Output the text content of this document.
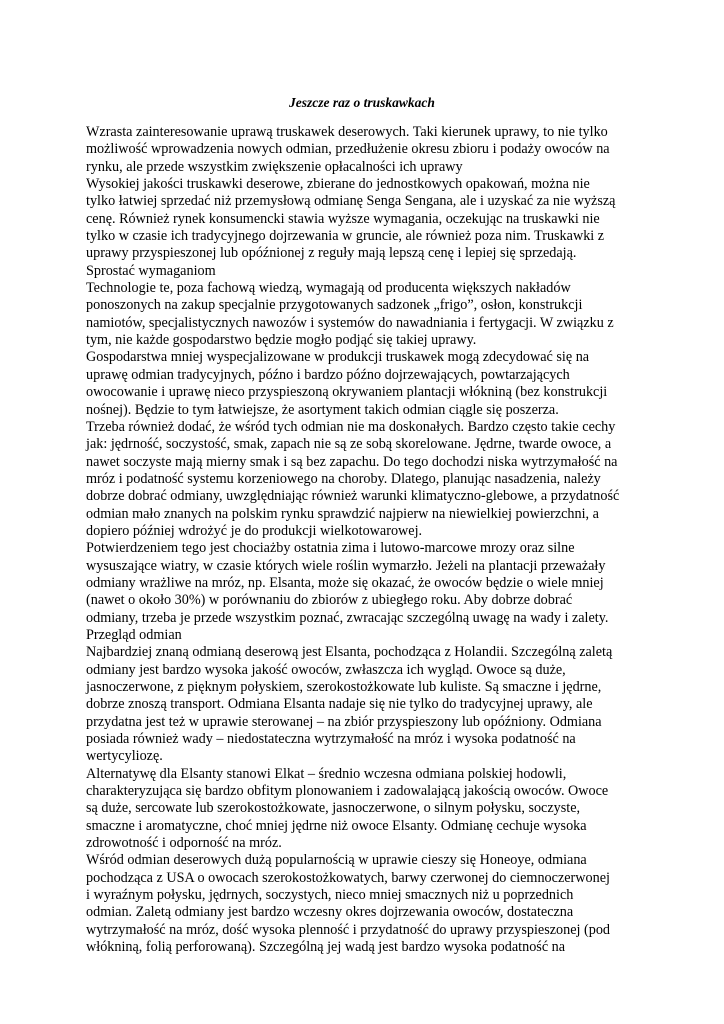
Jeszcze raz o truskawkach
Wzrasta zainteresowanie uprawą truskawek deserowych. Taki kierunek uprawy, to nie tylko
możliwość wprowadzenia nowych odmian, przedłużenie okresu zbioru i podaży owoców na
rynku, ale przede wszystkim zwiększenie opłacalności ich uprawy
Wysokiej jakości truskawki deserowe, zbierane do jednostkowych opakowań, można nie
tylko łatwiej sprzedać niż przemysłową odmianę Senga Sengana, ale i uzyskać za nie wyższą
cenę. Również rynek konsumencki stawia wyższe wymagania, oczekując na truskawki nie
tylko w czasie ich tradycyjnego dojrzewania w gruncie, ale również poza nim. Truskawki z
uprawy przyspieszonej lub opóźnionej z reguły mają lepszą cenę i lepiej się sprzedają.
Sprostać wymaganiom
Technologie te, poza fachową wiedzą, wymagają od producenta większych nakładów
ponoszonych na zakup specjalnie przygotowanych sadzonek „frigo”, osłon, konstrukcji
namiotów, specjalistycznych nawozów i systemów do nawadniania i fertygacji. W związku z
tym, nie każde gospodarstwo będzie mogło podjąć się takiej uprawy.
Gospodarstwa mniej wyspecjalizowane w produkcji truskawek mogą zdecydować się na
uprawę odmian tradycyjnych, późno i bardzo późno dojrzewających, powtarzających
owocowanie i uprawę nieco przyspieszoną okrywaniem plantacji włókniną (bez konstrukcji
nośnej). Będzie to tym łatwiejsze, że asortyment takich odmian ciągle się poszerza.
Trzeba również dodać, że wśród tych odmian nie ma doskonałych. Bardzo często takie cechy
jak: jędrność, soczystość, smak, zapach nie są ze sobą skorelowane. Jędrne, twarde owoce, a
nawet soczyste mają mierny smak i są bez zapachu. Do tego dochodzi niska wytrzymałość na
mróz i podatność systemu korzeniowego na choroby. Dlatego, planując nasadzenia, należy
dobrze dobrać odmiany, uwzględniając również warunki klimatyczno-glebowe, a przydatność
odmian mało znanych na polskim rynku sprawdzić najpierw na niewielkiej powierzchni, a
dopiero później wdrożyć je do produkcji wielkotowarowej.
Potwierdzeniem tego jest chociażby ostatnia zima i lutowo-marcowe mrozy oraz silne
wysuszające wiatry, w czasie których wiele roślin wymarzło. Jeżeli na plantacji przeważały
odmiany wrażliwe na mróz, np. Elsanta, może się okazać, że owoców będzie o wiele mniej
(nawet o około 30%) w porównaniu do zbiorów z ubiegłego roku. Aby dobrze dobrać
odmiany, trzeba je przede wszystkim poznać, zwracając szczególną uwagę na wady i zalety.
Przegląd odmian
Najbardziej znaną odmianą deserową jest Elsanta, pochodząca z Holandii. Szczególną zaletą
odmiany jest bardzo wysoka jakość owoców, zwłaszcza ich wygląd. Owoce są duże,
jasnoczerwone, z pięknym połyskiem, szerokostożkowate lub kuliste. Są smaczne i jędrne,
dobrze znoszą transport. Odmiana Elsanta nadaje się nie tylko do tradycyjnej uprawy, ale
przydatna jest też w uprawie sterowanej – na zbiór przyspieszony lub opóźniony. Odmiana
posiada również wady – niedostateczna wytrzymałość na mróz i wysoka podatność na
wertycyliozę.
Alternatywę dla Elsanty stanowi Elkat – średnio wczesna odmiana polskiej hodowli,
charakteryzująca się bardzo obfitym plonowaniem i zadowalającą jakością owoców. Owoce
są duże, sercowate lub szerokostożkowate, jasnoczerwone, o silnym połysku, soczyste,
smaczne i aromatyczne, choć mniej jędrne niż owoce Elsanty. Odmianę cechuje wysoka
zdrowotność i odporność na mróz.
Wśród odmian deserowych dużą popularnością w uprawie cieszy się Honeoye, odmiana
pochodząca z USA o owocach szerokostożkowatych, barwy czerwonej do ciemnoczerwonej
i wyraźnym połysku, jędrnych, soczystych, nieco mniej smacznych niż u poprzednich
odmian. Zaletą odmiany jest bardzo wczesny okres dojrzewania owoców, dostateczna
wytrzymałość na mróz, dość wysoka plenność i przydatność do uprawy przyspieszonej (pod
włókniną, folią perforowaną). Szczególną jej wadą jest bardzo wysoka podatność na
